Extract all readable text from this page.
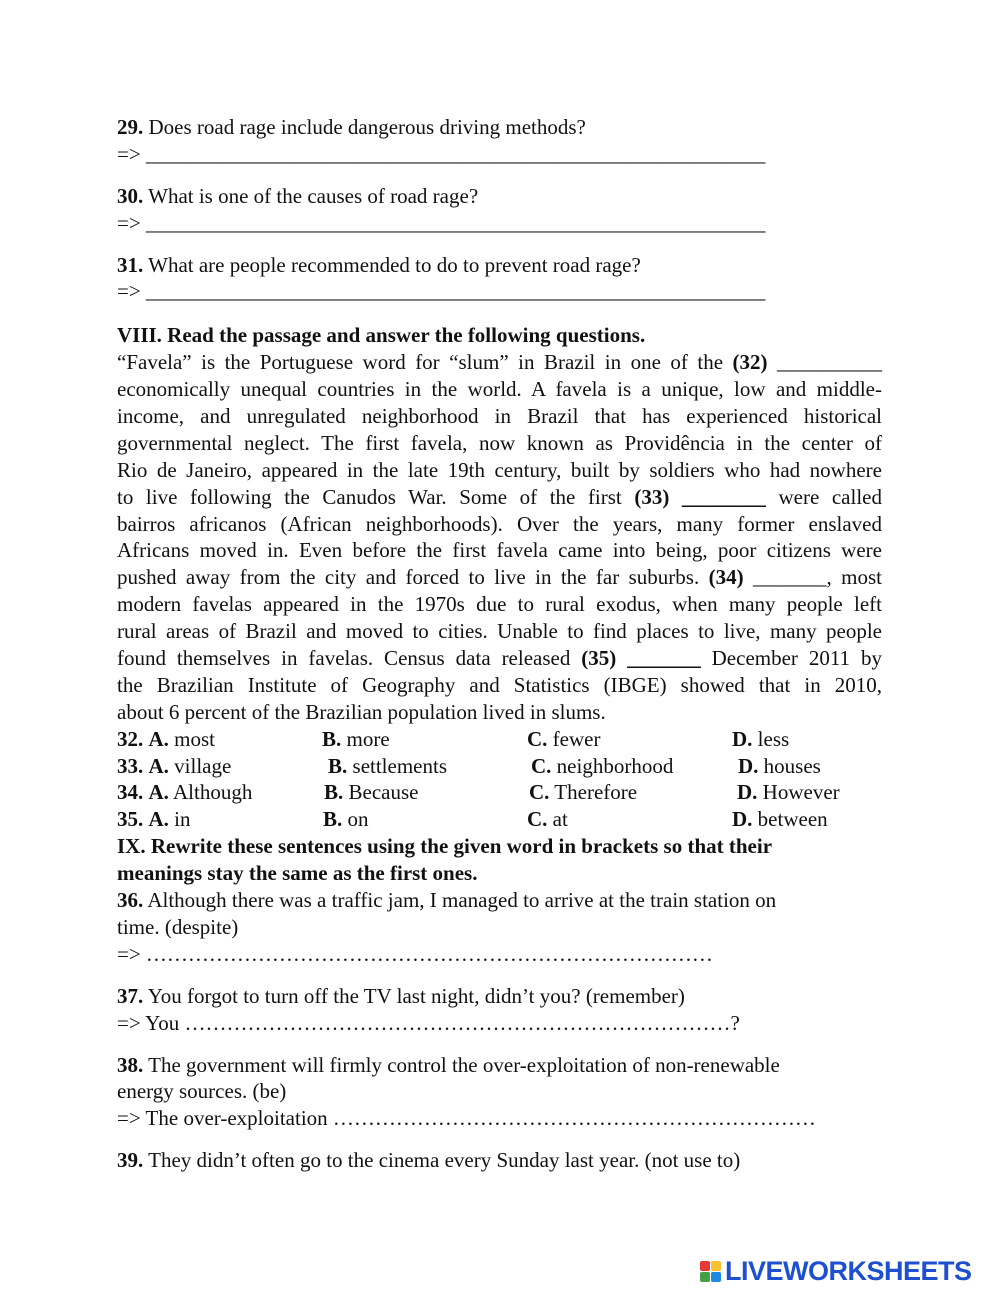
29. Does road rage include dangerous driving methods?
=> ___________________________________________________________
30. What is one of the causes of road rage?
=> ___________________________________________________________
31. What are people recommended to do to prevent road rage?
=> ___________________________________________________________
VIII. Read the passage and answer the following questions.
“Favela” is the Portuguese word for “slum” in Brazil in one of the (32) __________
economically unequal countries in the world. A favela is a unique, low and middle-
income, and unregulated neighborhood in Brazil that has experienced historical
governmental neglect. The first favela, now known as Providência in the center of
Rio de Janeiro, appeared in the late 19th century, built by soldiers who had nowhere
to live following the Canudos War. Some of the first (33) ________ were called
bairros africanos (African neighborhoods). Over the years, many former enslaved
Africans moved in. Even before the first favela came into being, poor citizens were
pushed away from the city and forced to live in the far suburbs. (34) _______, most
modern favelas appeared in the 1970s due to rural exodus, when many people left
rural areas of Brazil and moved to cities. Unable to find places to live, many people
found themselves in favelas. Census data released (35) _______ December 2011 by
the Brazilian Institute of Geography and Statistics (IBGE) showed that in 2010,
about 6 percent of the Brazilian population lived in slums.
32. A. most	B. more	C. fewer	D. less
33. A. village	B. settlements	C. neighborhood	D. houses
34. A. Although	B. Because	C. Therefore	D. However
35. A. in	B. on	C. at	D. between
IX. Rewrite these sentences using the given word in brackets so that their
meanings stay the same as the first ones.
36. Although there was a traffic jam, I managed to arrive at the train station on
time. (despite)
=> ………………………………………………………………………
37. You forgot to turn off the TV last night, didn’t you? (remember)
=> You ……………………………………………………………………?
38. The government will firmly control the over-exploitation of non-renewable
energy sources. (be)
=> The over-exploitation ……………………………………………………………
39. They didn’t often go to the cinema every Sunday last year. (not use to)
LIVEWORKSHEETS
